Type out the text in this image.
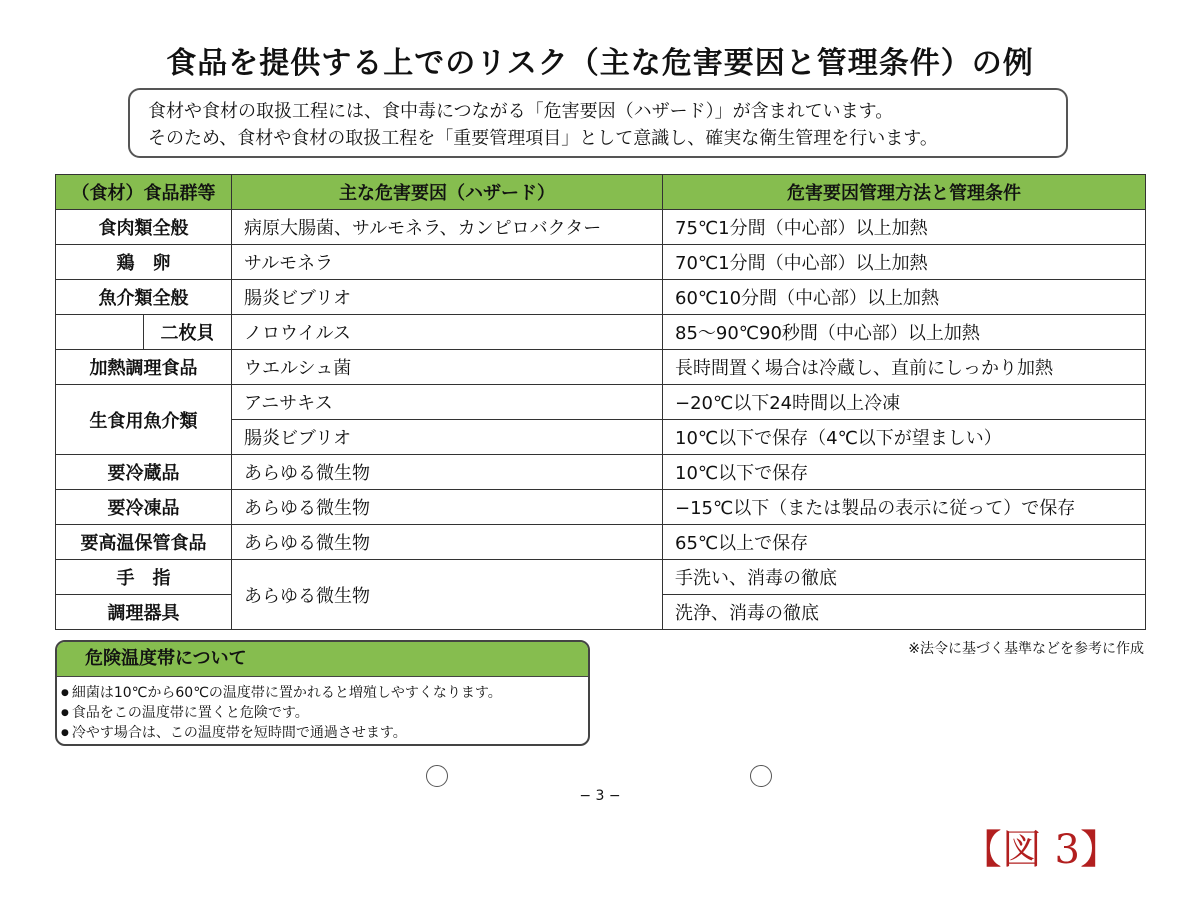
食品を提供する上でのリスク（主な危害要因と管理条件）の例
食材や食材の取扱工程には、食中毒につながる「危害要因（ハザード）」が含まれています。
そのため、食材や食材の取扱工程を「重要管理項目」として意識し、確実な衛生管理を行います。
（食材）食品群等		主な危害要因（ハザード）	危害要因管理方法と管理条件
食肉類全般		病原大腸菌、サルモネラ、カンピロバクター	75℃1分間（中心部）以上加熱
鶏　卵		サルモネラ	70℃1分間（中心部）以上加熱
魚介類全般		腸炎ビブリオ	60℃10分間（中心部）以上加熱
	二枚貝	ノロウイルス	85〜90℃90秒間（中心部）以上加熱
加熱調理食品		ウエルシュ菌	長時間置く場合は冷蔵し、直前にしっかり加熱
生食用魚介類		アニサキス	−20℃以下24時間以上冷凍
		腸炎ビブリオ	10℃以下で保存（4℃以下が望ましい）
要冷蔵品		あらゆる微生物	10℃以下で保存
要冷凍品		あらゆる微生物	−15℃以下（または製品の表示に従って）で保存
要高温保管食品		あらゆる微生物	65℃以上で保存
手　指		あらゆる微生物	手洗い、消毒の徹底
調理器具			洗浄、消毒の徹底
※法令に基づく基準などを参考に作成
危険温度帯について
● 細菌は10℃から60℃の温度帯に置かれると増殖しやすくなります。
● 食品をこの温度帯に置くと危険です。
● 冷やす場合は、この温度帯を短時間で通過させます。
− 3 −
【図 3】
